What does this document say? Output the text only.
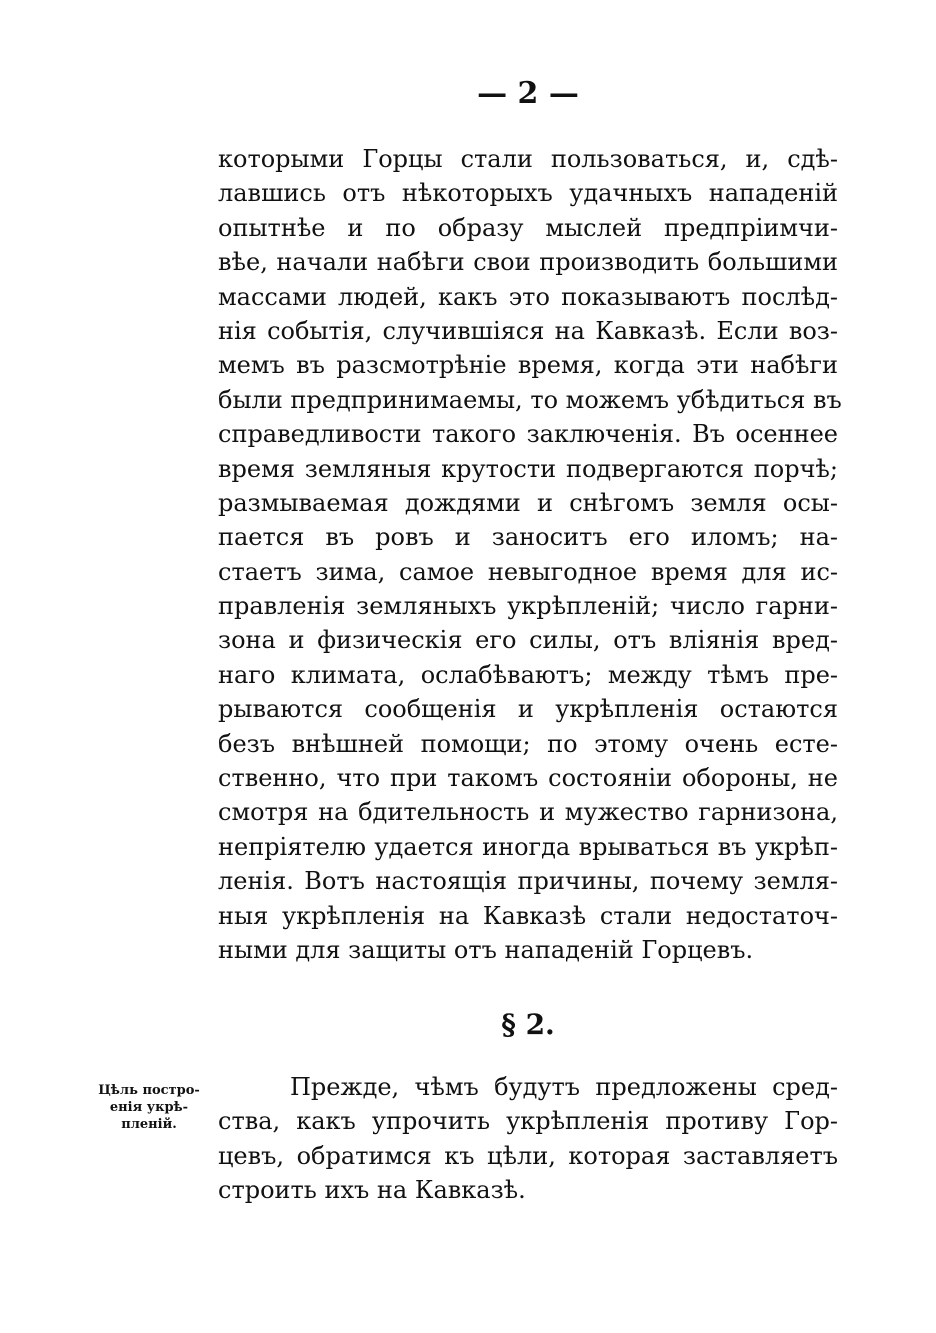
— 2 —
которыми Горцы стали пользоваться, и, сдѣ-
лавшись отъ нѣкоторыхъ удачныхъ нападенiй
опытнѣе и по образу мыслей предпрiимчи-
вѣе, начали набѣги свои производить большими
массами людей, какъ это показываютъ послѣд-
нiя событiя, случившiяся на Кавказѣ. Если воз-
мемъ въ разсмотрѣнiе время, когда эти набѣги
были предпринимаемы, то можемъ убѣдиться въ
справедливости такого заключенiя. Въ осеннее
время земляныя крутости подвергаются порчѣ;
размываемая дождями и снѣгомъ земля осы-
пается въ ровъ и заноситъ его иломъ; на-
стаетъ зима, самое невыгодное время для ис-
правленiя земляныхъ укрѣпленiй; число гарни-
зона и физическiя его силы, отъ влiянiя вред-
наго климата, ослабѣваютъ; между тѣмъ пре-
рываются сообщенiя и укрѣпленiя остаются
безъ внѣшней помощи; по этому очень есте-
ственно, что при такомъ состоянiи обороны, не
смотря на бдительность и мужество гарнизона,
непрiятелю удается иногда врываться въ укрѣп-
ленiя. Вотъ настоящiя причины, почему земля-
ныя укрѣпленiя на Кавказѣ стали недостаточ-
ными для защиты отъ нападенiй Горцевъ.
§ 2.
Цѣль постро-
енiя укрѣ-
пленiй.
Прежде, чѣмъ будутъ предложены сред-
ства, какъ упрочить укрѣпленiя противу Гор-
цевъ, обратимся къ цѣли, которая заставляетъ
строить ихъ на Кавказѣ.
